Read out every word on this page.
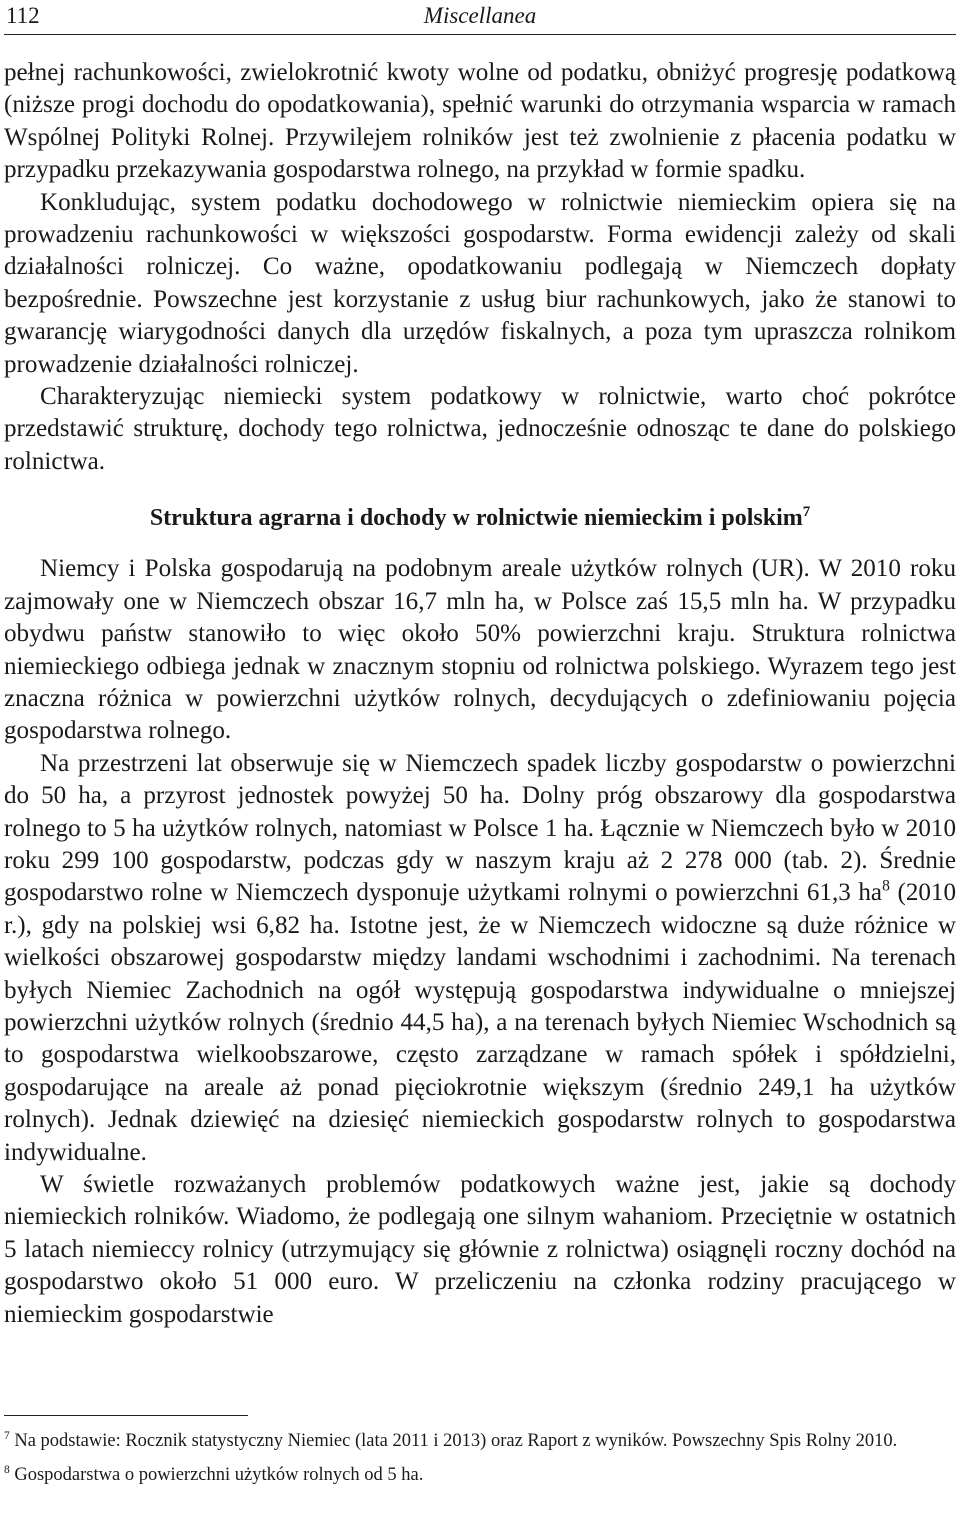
112	Miscellanea

pełnej rachunkowości, zwielokrotnić kwoty wolne od podatku, obniżyć progresję podatkową (niższe progi dochodu do opodatkowania), spełnić warunki do otrzymania wsparcia w ramach Wspólnej Polityki Rolnej. Przywilejem rolników jest też zwolnienie z płacenia podatku w przypadku przekazywania gospodarstwa rolnego, na przykład w formie spadku.

Konkludując, system podatku dochodowego w rolnictwie niemieckim opiera się na prowadzeniu rachunkowości w większości gospodarstw. Forma ewidencji zależy od skali działalności rolniczej. Co ważne, opodatkowaniu podlegają w Niemczech dopłaty bezpośrednie. Powszechne jest korzystanie z usług biur rachunkowych, jako że stanowi to gwarancję wiarygodności danych dla urzędów fiskalnych, a poza tym upraszcza rolnikom prowadzenie działalności rolniczej.

Charakteryzując niemiecki system podatkowy w rolnictwie, warto choć pokrótce przedstawić strukturę, dochody tego rolnictwa, jednocześnie odnosząc te dane do polskiego rolnictwa.

Struktura agrarna i dochody w rolnictwie niemieckim i polskim$^7$

Niemcy i Polska gospodarują na podobnym areale użytków rolnych (UR). W 2010 roku zajmowały one w Niemczech obszar 16,7 mln ha, w Polsce zaś 15,5 mln ha. W przypadku obydwu państw stanowiło to więc około 50% powierzchni kraju. Struktura rolnictwa niemieckiego odbiega jednak w znacznym stopniu od rolnictwa polskiego. Wyrazem tego jest znaczna różnica w powierzchni użytków rolnych, decydujących o zdefiniowaniu pojęcia gospodarstwa rolnego.

Na przestrzeni lat obserwuje się w Niemczech spadek liczby gospodarstw o powierzchni do 50 ha, a przyrost jednostek powyżej 50 ha. Dolny próg obszarowy dla gospodarstwa rolnego to 5 ha użytków rolnych, natomiast w Polsce 1 ha. Łącznie w Niemczech było w 2010 roku 299 100 gospodarstw, podczas gdy w naszym kraju aż 2 278 000 (tab. 2). Średnie gospodarstwo rolne w Niemczech dysponuje użytkami rolnymi o powierzchni 61,3 $ha^8$ (2010 r.), gdy na polskiej wsi 6,82 ha. Istotne jest, że w Niemczech widoczne są duże różnice w wielkości obszarowej gospodarstw między landami wschodnimi i zachodnimi. Na terenach byłych Niemiec Zachodnich na ogół występują gospodarstwa indywidualne o mniejszej powierzchni użytków rolnych (średnio 44,5 ha), a na terenach byłych Niemiec Wschodnich są to gospodarstwa wielkoobszarowe, często zarządzane w ramach spółek i spółdzielni, gospodarujące na areale aż ponad pięciokrotnie większym (średnio 249,1 ha użytków rolnych). Jednak dziewięć na dziesięć niemieckich gospodarstw rolnych to gospodarstwa indywidualne.

W świetle rozważanych problemów podatkowych ważne jest, jakie są dochody niemieckich rolników. Wiadomo, że podlegają one silnym wahaniom. Przeciętnie w ostatnich 5 latach niemieccy rolnicy (utrzymujący się głównie z rolnictwa) osiągnęli roczny dochód na gospodarstwo około 51 000 euro. W przeliczeniu na członka rodziny pracującego w niemieckim gospodarstwie

$^7$ Na podstawie: Rocznik statystyczny Niemiec (lata 2011 i 2013) oraz Raport z wyników. Powszechny Spis Rolny 2010.

$^8$ Gospodarstwa o powierzchni użytków rolnych od 5 ha.
